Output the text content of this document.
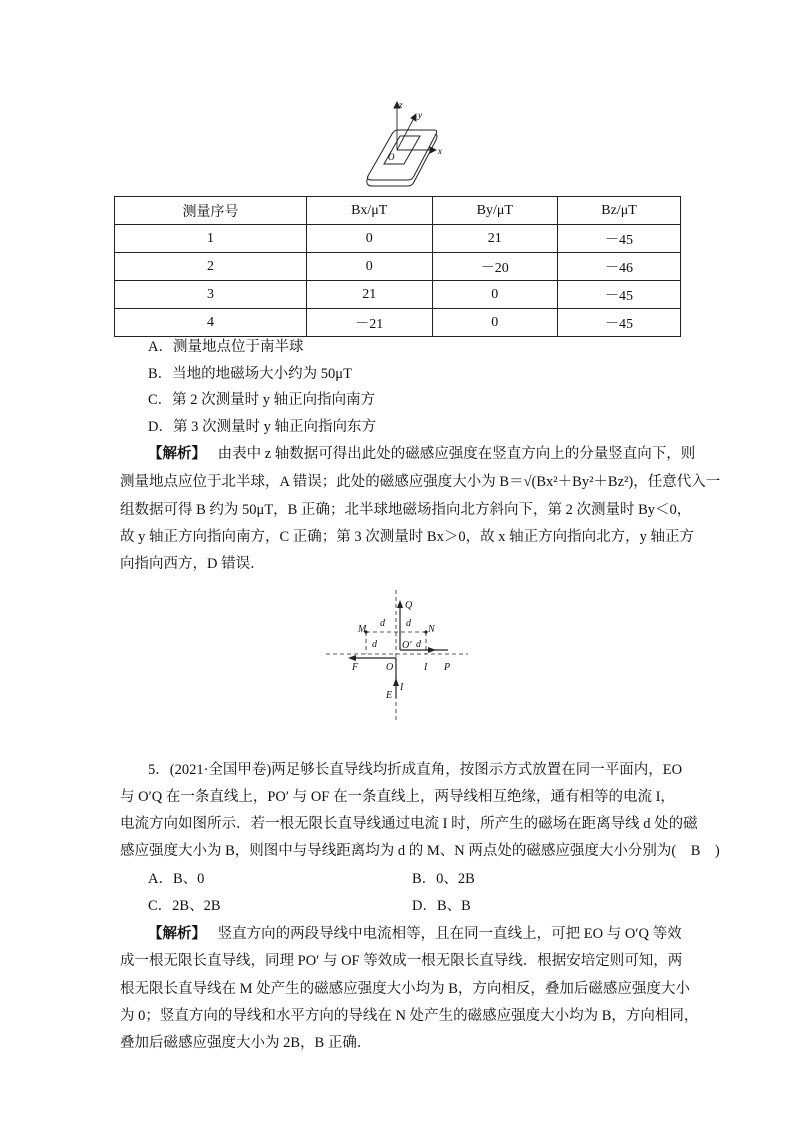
z
y
x
O
测量序号	Bx/μT	By/μT	Bz/μT
1	0	21	－45
2	0	－20	－46
3	21	0	－45
4	－21	0	－45
A．测量地点位于南半球
B．当地的地磁场大小约为 50μT
C．第 2 次测量时 y 轴正向指向南方
D．第 3 次测量时 y 轴正向指向东方
【解析】 由表中 z 轴数据可得出此处的磁感应强度在竖直方向上的分量竖直向下，则
测量地点应位于北半球，A 错误；此处的磁感应强度大小为 B＝√(Bx²＋By²＋Bz²)，任意代入一
组数据可得 B 约为 50μT，B 正确；北半球地磁场指向北方斜向下，第 2 次测量时 By＜0，
故 y 轴正方向指向南方，C 正确；第 3 次测量时 Bx＞0，故 x 轴正方向指向北方，y 轴正方
向指向西方，D 错误．
Q
M	N
d d
d	d
O′
F	O	I P
E
I
5．(2021·全国甲卷)两足够长直导线均折成直角，按图示方式放置在同一平面内，EO
与 O′Q 在一条直线上，PO′ 与 OF 在一条直线上，两导线相互绝缘，通有相等的电流 I，
电流方向如图所示．若一根无限长直导线通过电流 I 时，所产生的磁场在距离导线 d 处的磁
感应强度大小为 B，则图中与导线距离均为 d 的 M、N 两点处的磁感应强度大小分别为(　B　)
A．B、0	B．0、2B
C．2B、2B	D．B、B
【解析】 竖直方向的两段导线中电流相等，且在同一直线上，可把 EO 与 O′Q 等效
成一根无限长直导线，同理 PO′ 与 OF 等效成一根无限长直导线．根据安培定则可知，两
根无限长直导线在 M 处产生的磁感应强度大小均为 B，方向相反，叠加后磁感应强度大小
为 0；竖直方向的导线和水平方向的导线在 N 处产生的磁感应强度大小均为 B，方向相同，
叠加后磁感应强度大小为 2B，B 正确．
